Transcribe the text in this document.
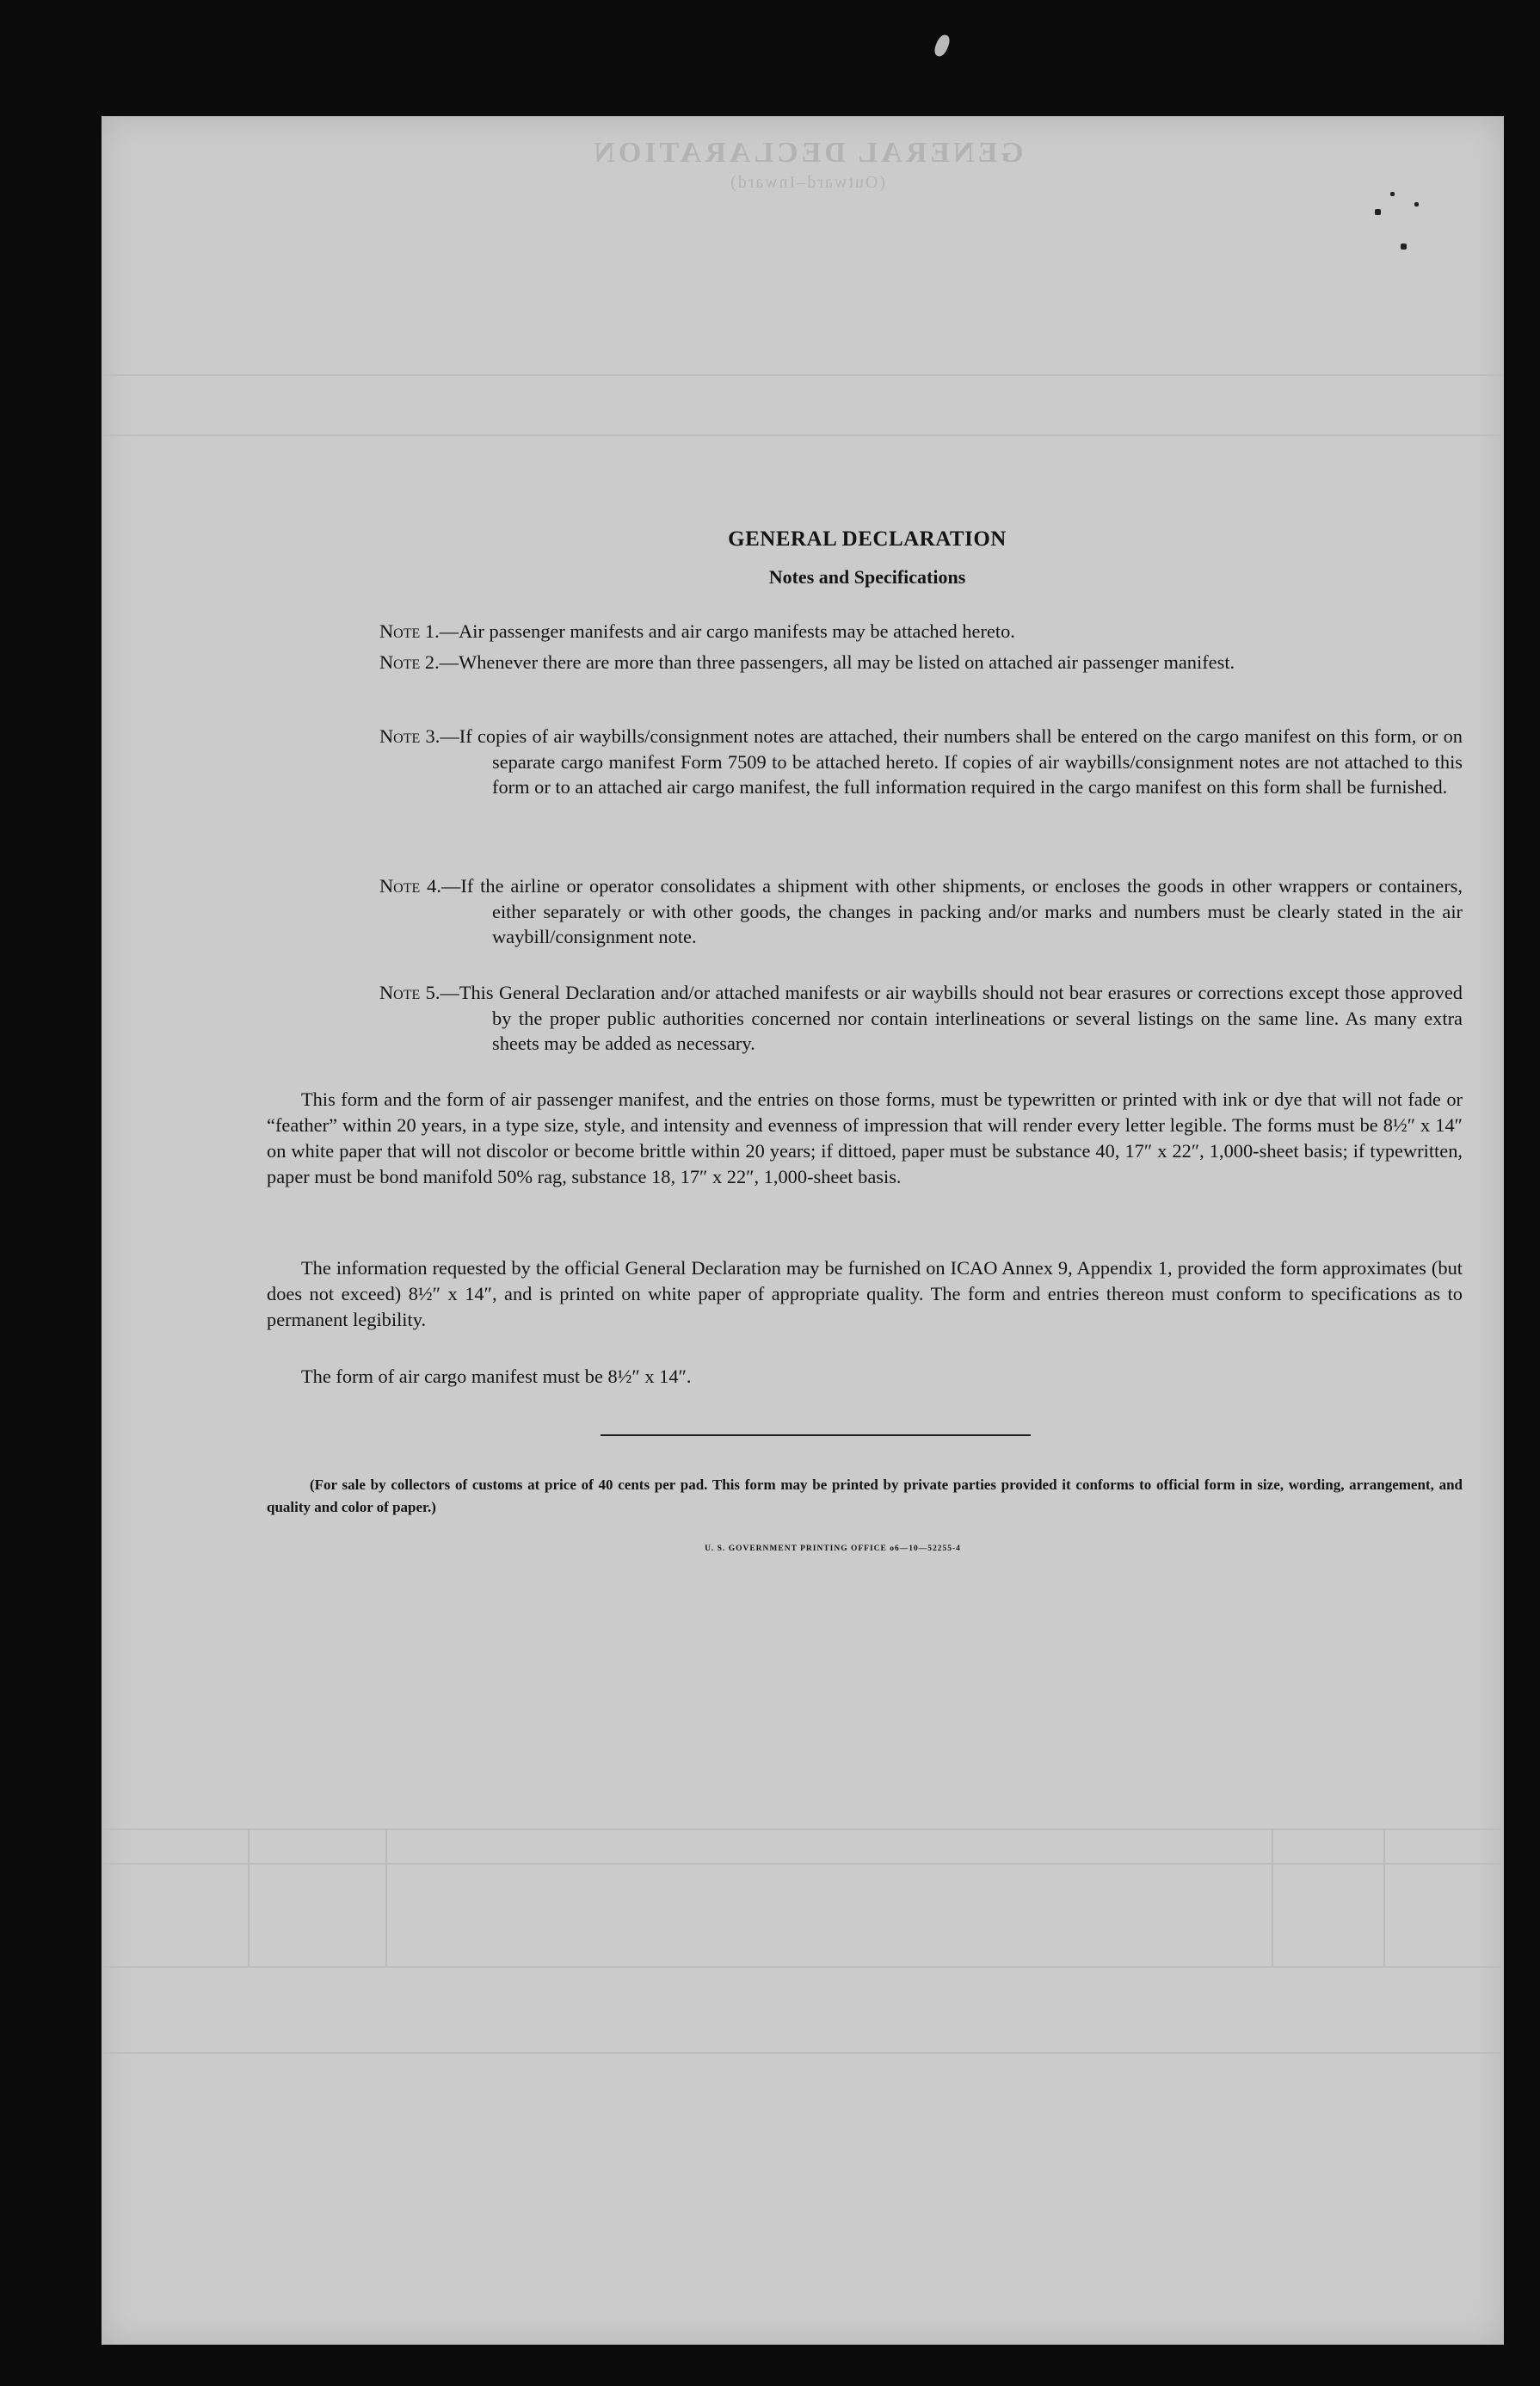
GENERAL DECLARATION
(Outward–Inward)
GENERAL DECLARATION
Notes and Specifications
Note 1.—Air passenger manifests and air cargo manifests may be attached hereto.
Note 2.—Whenever there are more than three passengers, all may be listed on attached air passenger manifest.
Note 3.—If copies of air waybills/consignment notes are attached, their numbers shall be entered on the cargo manifest on this form, or on separate cargo manifest Form 7509 to be attached hereto. If copies of air waybills/consignment notes are not attached to this form or to an attached air cargo manifest, the full information required in the cargo manifest on this form shall be furnished.
Note 4.—If the airline or operator consolidates a shipment with other shipments, or encloses the goods in other wrappers or containers, either separately or with other goods, the changes in packing and/or marks and numbers must be clearly stated in the air waybill/consignment note.
Note 5.—This General Declaration and/or attached manifests or air waybills should not bear erasures or corrections except those approved by the proper public authorities concerned nor contain interlineations or several listings on the same line. As many extra sheets may be added as necessary.
This form and the form of air passenger manifest, and the entries on those forms, must be typewritten or printed with ink or dye that will not fade or “feather” within 20 years, in a type size, style, and intensity and evenness of impression that will render every letter legible. The forms must be 8½″ x 14″ on white paper that will not discolor or become brittle within 20 years; if dittoed, paper must be substance 40, 17″ x 22″, 1,000-sheet basis; if typewritten, paper must be bond manifold 50% rag, substance 18, 17″ x 22″, 1,000-sheet basis.
The information requested by the official General Declaration may be furnished on ICAO Annex 9, Appendix 1, provided the form approximates (but does not exceed) 8½″ x 14″, and is printed on white paper of appropriate quality. The form and entries thereon must conform to specifications as to permanent legibility.
The form of air cargo manifest must be 8½″ x 14″.
(For sale by collectors of customs at price of 40 cents per pad. This form may be printed by private parties provided it conforms to official form in size, wording, arrangement, and quality and color of paper.)
U. S. GOVERNMENT PRINTING OFFICE o6—10—52255-4
